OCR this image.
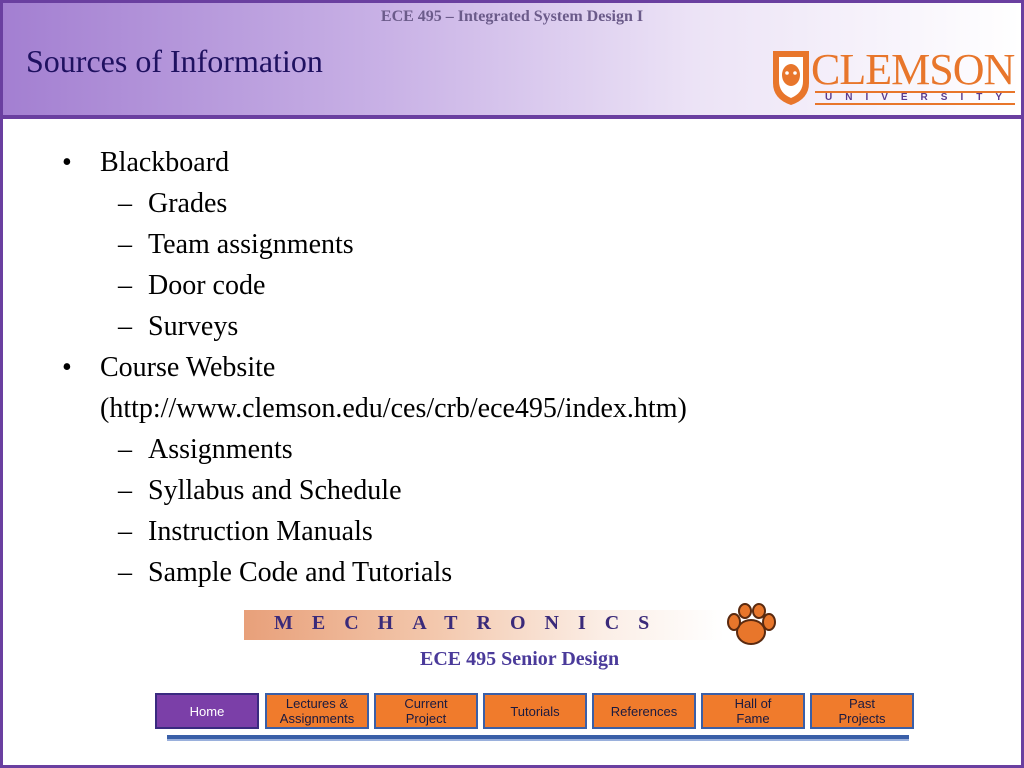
ECE 495 – Integrated System Design I
Sources of Information	CLEMSON
UNIVERSITY
• Blackboard
– Grades
– Team assignments
– Door code
– Surveys
• Course Website
(http://www.clemson.edu/ces/crb/ece495/index.htm)
– Assignments
– Syllabus and Schedule
– Instruction Manuals
– Sample Code and Tutorials
MECHATRONICS
ECE 495 Senior Design
Home	Lectures &
Assignments
Current
Project	Tutorials	References	Hall of
Fame
Past
Projects
